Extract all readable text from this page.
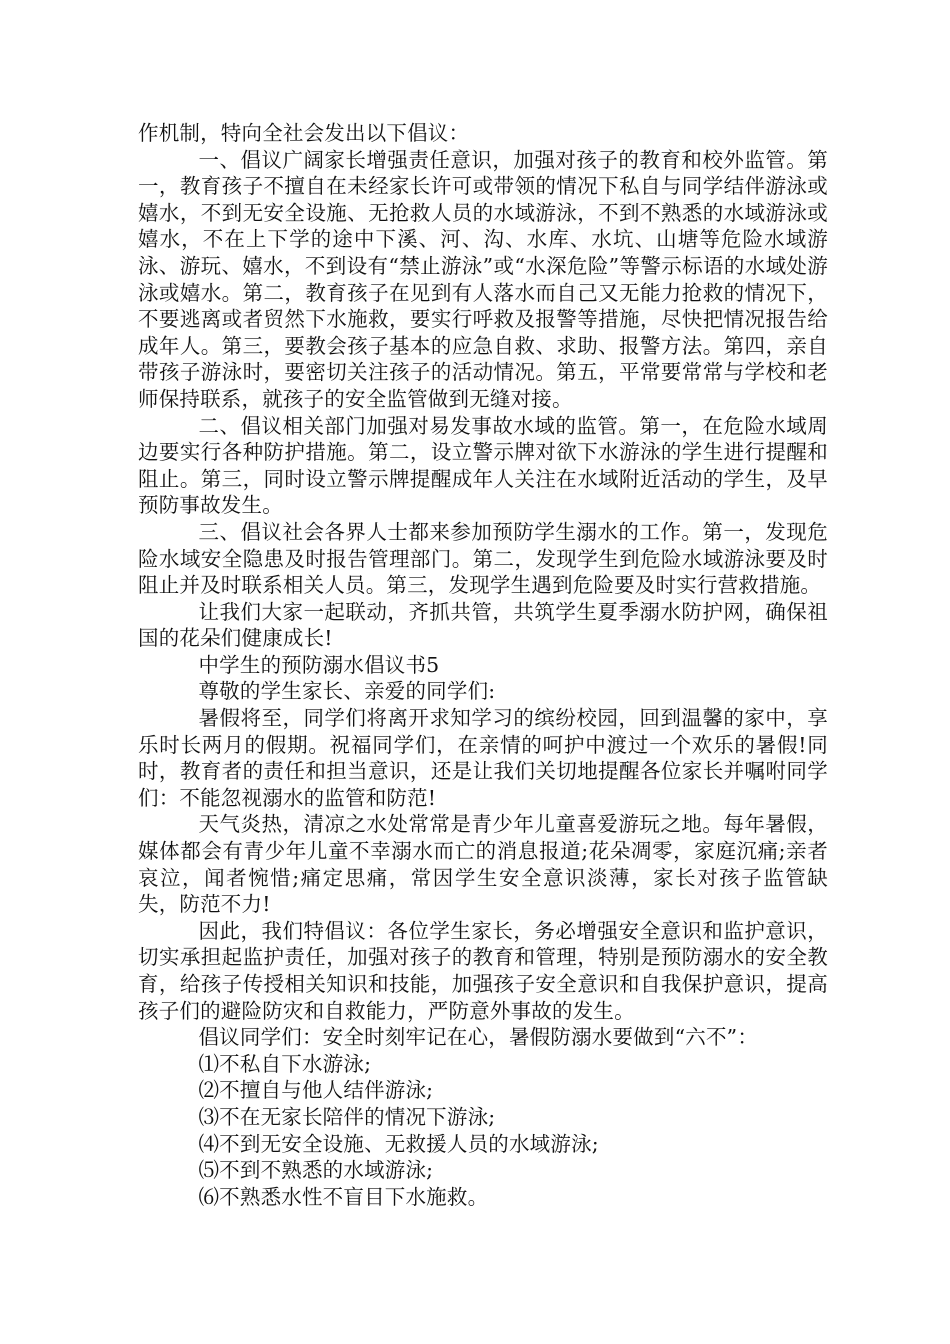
作机制，特向全社会发出以下倡议：

一、倡议广阔家长增强责任意识，加强对孩子的教育和校外监管。第一，教育孩子不擅自在未经家长许可或带领的情况下私自与同学结伴游泳或嬉水，不到无安全设施、无抢救人员的水域游泳，不到不熟悉的水域游泳或嬉水，不在上下学的途中下溪、河、沟、水库、水坑、山塘等危险水域游泳、游玩、嬉水，不到设有“禁止游泳”或“水深危险”等警示标语的水域处游泳或嬉水。第二，教育孩子在见到有人落水而自己又无能力抢救的情况下，不要逃离或者贸然下水施救，要实行呼救及报警等措施，尽快把情况报告给成年人。第三，要教会孩子基本的应急自救、求助、报警方法。第四，亲自带孩子游泳时，要密切关注孩子的活动情况。第五，平常要常常与学校和老师保持联系，就孩子的安全监管做到无缝对接。

二、倡议相关部门加强对易发事故水域的监管。第一，在危险水域周边要实行各种防护措施。第二，设立警示牌对欲下水游泳的学生进行提醒和阻止。第三，同时设立警示牌提醒成年人关注在水域附近活动的学生，及早预防事故发生。

三、倡议社会各界人士都来参加预防学生溺水的工作。第一，发现危险水域安全隐患及时报告管理部门。第二，发现学生到危险水域游泳要及时阻止并及时联系相关人员。第三，发现学生遇到危险要及时实行营救措施。

让我们大家一起联动，齐抓共管，共筑学生夏季溺水防护网，确保祖国的花朵们健康成长!

中学生的预防溺水倡议书5

尊敬的学生家长、亲爱的同学们:

暑假将至，同学们将离开求知学习的缤纷校园，回到温馨的家中，享乐时长两月的假期。祝福同学们，在亲情的呵护中渡过一个欢乐的暑假!同时，教育者的责任和担当意识，还是让我们关切地提醒各位家长并嘱咐同学们：不能忽视溺水的监管和防范!

天气炎热，清凉之水处常常是青少年儿童喜爱游玩之地。每年暑假，媒体都会有青少年儿童不幸溺水而亡的消息报道;花朵凋零，家庭沉痛;亲者哀泣，闻者惋惜;痛定思痛，常因学生安全意识淡薄，家长对孩子监管缺失，防范不力!

因此，我们特倡议：各位学生家长，务必增强安全意识和监护意识，切实承担起监护责任，加强对孩子的教育和管理，特别是预防溺水的安全教育，给孩子传授相关知识和技能，加强孩子安全意识和自我保护意识，提高孩子们的避险防灾和自救能力，严防意外事故的发生。

倡议同学们：安全时刻牢记在心，暑假防溺水要做到“六不”：

⑴不私自下水游泳;

⑵不擅自与他人结伴游泳;

⑶不在无家长陪伴的情况下游泳;

⑷不到无安全设施、无救援人员的水域游泳;

⑸不到不熟悉的水域游泳;

⑹不熟悉水性不盲目下水施救。
